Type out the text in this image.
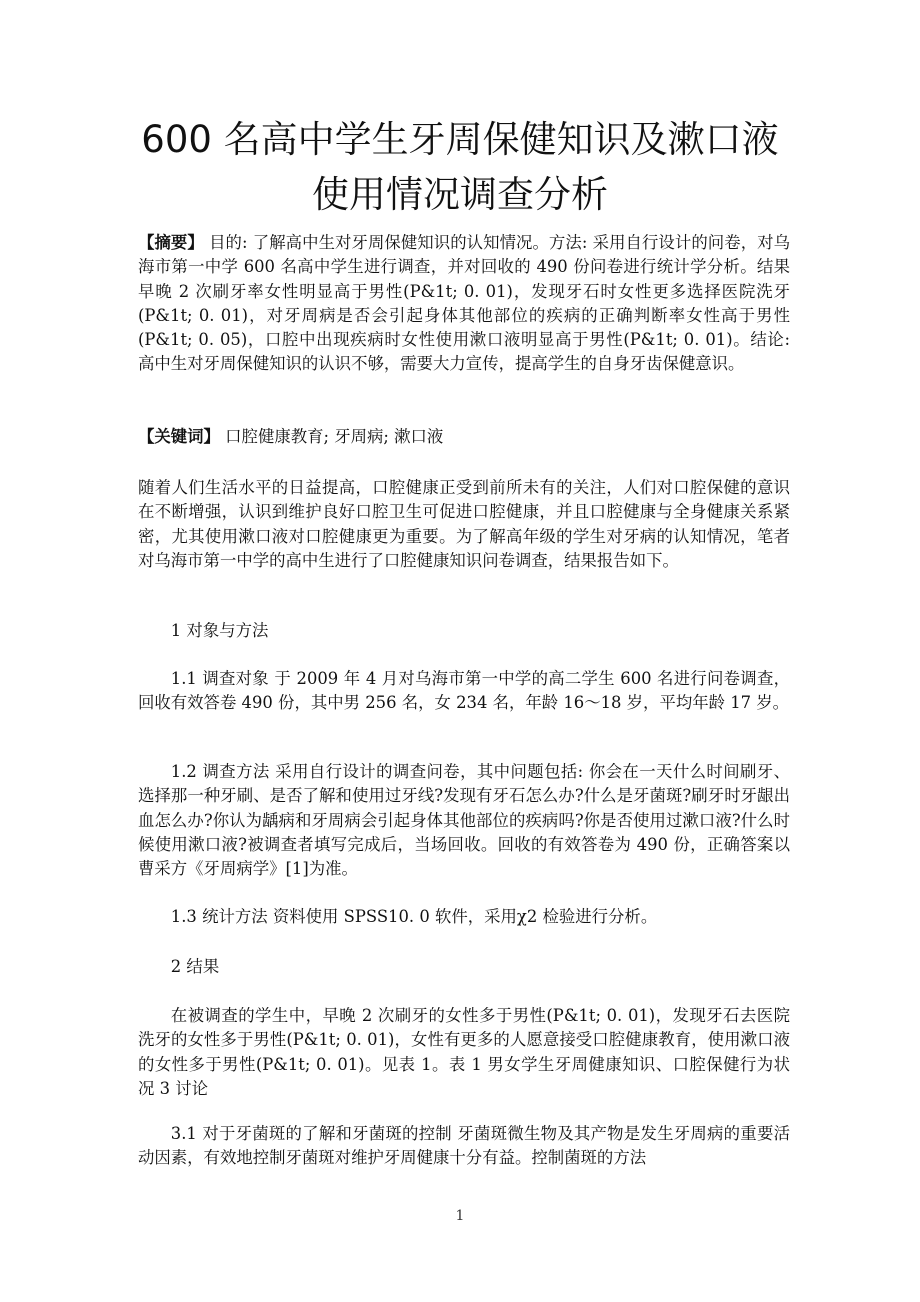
600 名高中学生牙周保健知识及漱口液
使用情况调查分析

【摘要】 目的: 了解高中生对牙周保健知识的认知情况。方法: 采用自行设计的问卷，对乌海市第一中学 600 名高中学生进行调查，并对回收的 490 份问卷进行统计学分析。结果 早晚 2 次刷牙率女性明显高于男性(P&1t; 0. 01)，发现牙石时女性更多选择医院洗牙(P&1t; 0. 01)，对牙周病是否会引起身体其他部位的疾病的正确判断率女性高于男性(P&1t; 0. 05)，口腔中出现疾病时女性使用漱口液明显高于男性(P&1t; 0. 01)。结论: 高中生对牙周保健知识的认识不够，需要大力宣传，提高学生的自身牙齿保健意识。

【关键词】 口腔健康教育; 牙周病; 漱口液

随着人们生活水平的日益提高，口腔健康正受到前所未有的关注，人们对口腔保健的意识在不断增强，认识到维护良好口腔卫生可促进口腔健康，并且口腔健康与全身健康关系紧密，尤其使用漱口液对口腔健康更为重要。为了解高年级的学生对牙病的认知情况，笔者对乌海市第一中学的高中生进行了口腔健康知识问卷调查，结果报告如下。

1 对象与方法

1.1 调查对象 于 2009 年 4 月对乌海市第一中学的高二学生 600 名进行问卷调查，回收有效答卷 490 份，其中男 256 名，女 234 名，年龄 16～18 岁，平均年龄 17 岁。

1.2 调查方法 采用自行设计的调查问卷，其中问题包括: 你会在一天什么时间刷牙、选择那一种牙刷、是否了解和使用过牙线?发现有牙石怎么办?什么是牙菌斑?刷牙时牙龈出血怎么办?你认为龋病和牙周病会引起身体其他部位的疾病吗?你是否使用过漱口液?什么时候使用漱口液?被调查者填写完成后，当场回收。回收的有效答卷为 490 份，正确答案以曹采方《牙周病学》[1]为准。

1.3 统计方法 资料使用 SPSS10. 0 软件，采用χ2 检验进行分析。

2 结果

在被调查的学生中，早晚 2 次刷牙的女性多于男性(P&1t; 0. 01)，发现牙石去医院洗牙的女性多于男性(P&1t; 0. 01)，女性有更多的人愿意接受口腔健康教育，使用漱口液的女性多于男性(P&1t; 0. 01)。见表 1。表 1 男女学生牙周健康知识、口腔保健行为状况 3 讨论

3.1 对于牙菌斑的了解和牙菌斑的控制 牙菌斑微生物及其产物是发生牙周病的重要活动因素，有效地控制牙菌斑对维护牙周健康十分有益。控制菌斑的方法

1
